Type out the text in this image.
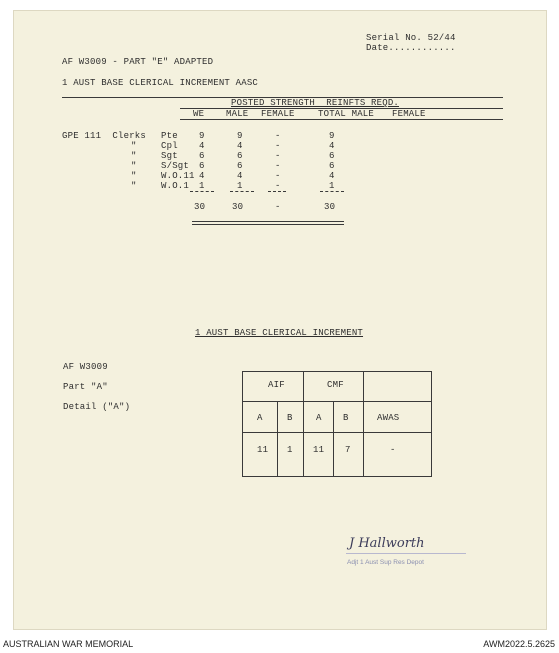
Serial No. 52/44
Date............
AF W3009 - PART "E" ADAPTED
1 AUST BASE CLERICAL INCREMENT AASC
POSTED STRENGTH  REINFTS REQD.
WE MALE FEMALE	TOTAL MALE FEMALE
GPE 111  Clerks Pte 9	9	-	9
"	Cpl 4	4	-	4
"	Sgt 6	6	-	6
"	S/Sgt 6	6	-	6
"	W.O.11 4	4	-	4
"	W.O.1 1	1	-	1
30	30	-	30
1 AUST BASE CLERICAL INCREMENT
AF W3009
Part "A"
Detail ("A")
AIF	CMF
A	B	A B	AWAS
11 1 11 7	-
J Hallworth
Adjt 1 Aust Sup Res Depot
AUSTRALIAN WAR MEMORIAL	AWM2022.5.2625
